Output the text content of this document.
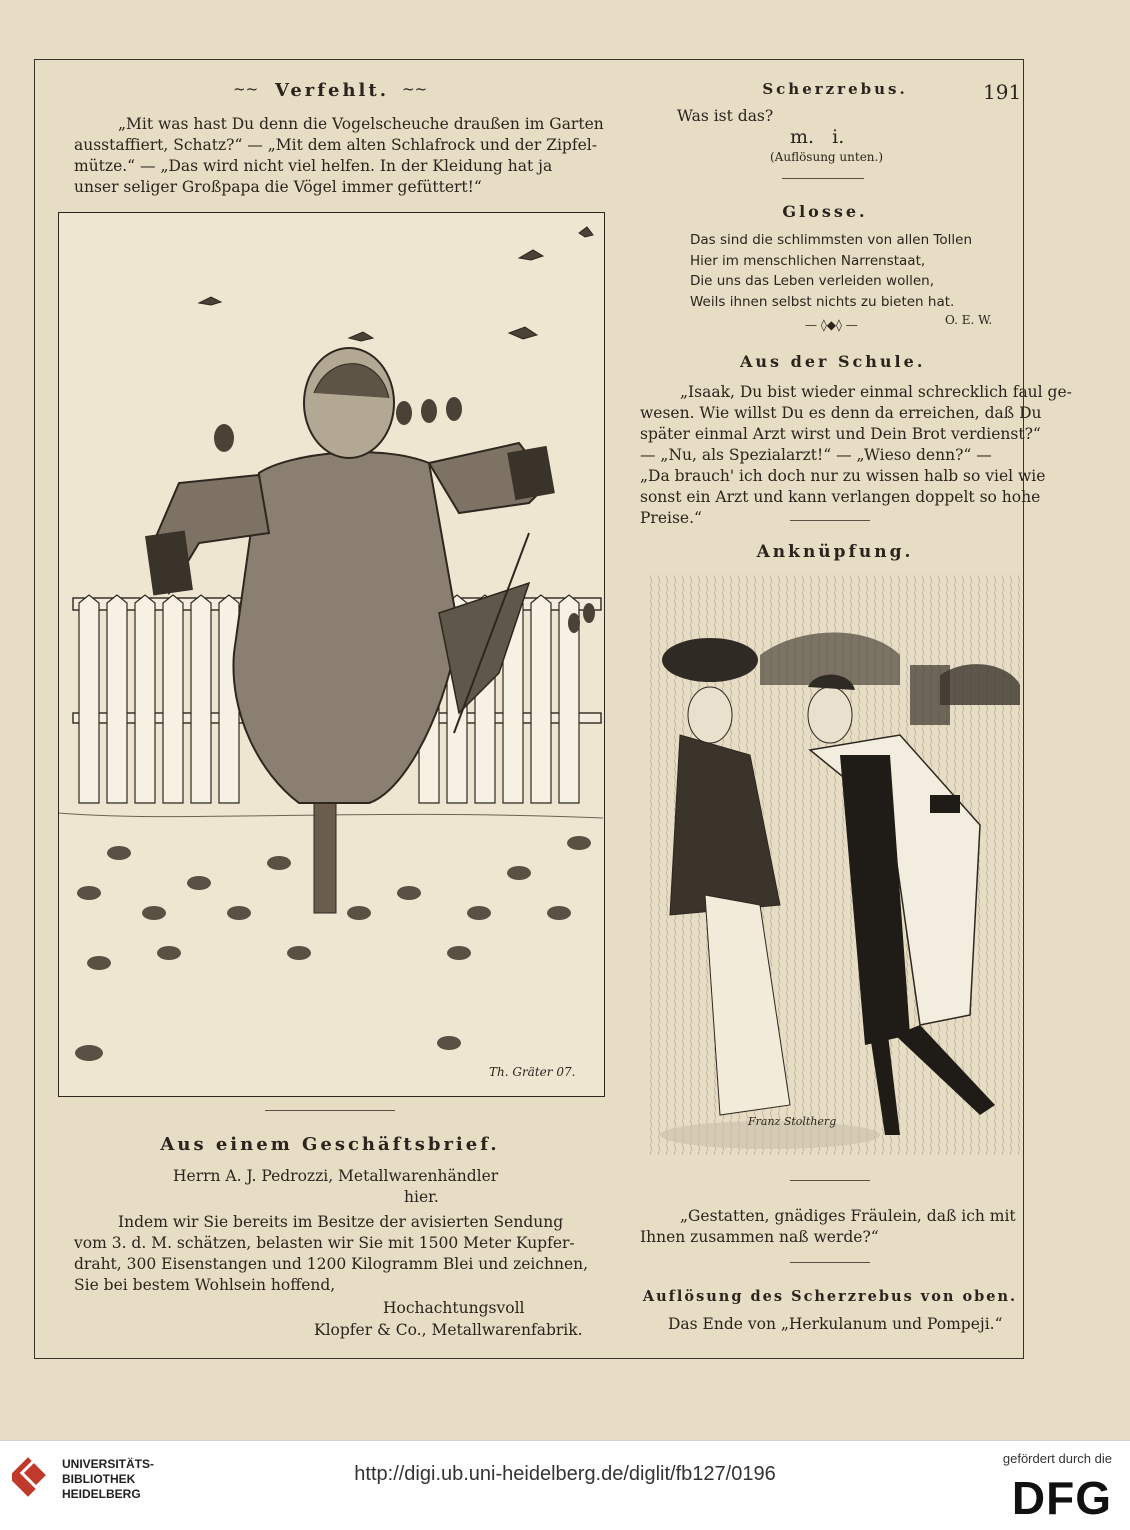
191
Verfehlt.
~~	~~
„Mit was hast Du denn die Vogelscheuche draußen im Garten
ausstaffiert, Schatz?“ — „Mit dem alten Schlafrock und der Zipfel-
mütze.“ — „Das wird nicht viel helfen. In der Kleidung hat ja
unser seliger Großpapa die Vögel immer gefüttert!“
Th. Gräter 07.
Aus einem Geschäftsbrief.
Herrn A. J. Pedrozzi, Metallwarenhändler
hier.
Indem wir Sie bereits im Besitze der avisierten Sendung
vom 3. d. M. schätzen, belasten wir Sie mit 1500 Meter Kupfer-
draht, 300 Eisenstangen und 1200 Kilogramm Blei und zeichnen,
Sie bei bestem Wohlsein hoffend,
Hochachtungsvoll
Klopfer & Co., Metallwarenfabrik.
Scherzrebus.
Was ist das?
m.   i.
(Auflösung unten.)
Glosse.
Das sind die schlimmsten von allen Tollen
Hier im menschlichen Narrenstaat,
Die uns das Leben verleiden wollen,
Weils ihnen selbst nichts zu bieten hat.
O. E. W.
— ◊◆◊ —
Aus der Schule.
„Isaak, Du bist wieder einmal schrecklich faul ge-
wesen. Wie willst Du es denn da erreichen, daß Du
später einmal Arzt wirst und Dein Brot verdienst?“
— „Nu, als Spezialarzt!“ — „Wieso denn?“ —
„Da brauch' ich doch nur zu wissen halb so viel wie
sonst ein Arzt und kann verlangen doppelt so hohe
Preise.“
Anknüpfung.
Franz Stoltherg
„Gestatten, gnädiges Fräulein, daß ich mit
Ihnen zusammen naß werde?“
Auflösung des Scherzrebus von oben.
Das Ende von „Herkulanum und Pompeji.“
UNIVERSITÄTS-
BIBLIOTHEK
HEIDELBERG
http://digi.ub.uni-heidelberg.de/diglit/fb127/0196
gefördert durch die
DFG
